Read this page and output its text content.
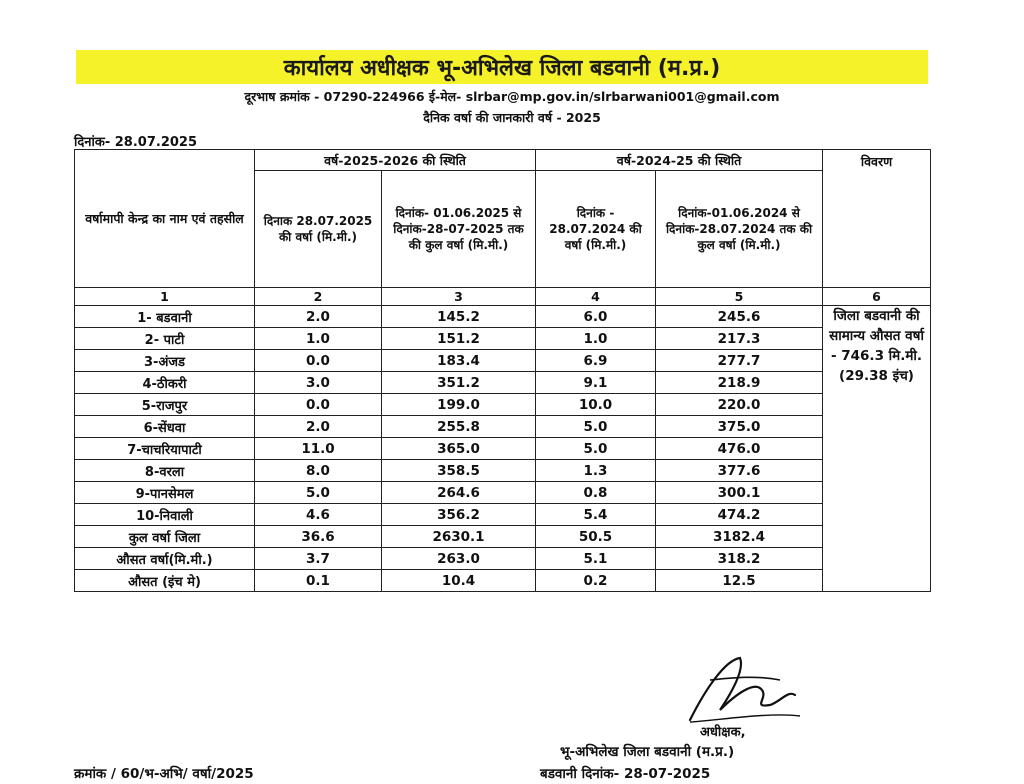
कार्यालय अधीक्षक भू-अभिलेख जिला बडवानी (म.प्र.)
दूरभाष क्रमांक - 07290-224966 ई-मेल- slrbar@mp.gov.in/slrbarwani001@gmail.com
दैनिक वर्षा की जानकारी वर्ष - 2025
दिनांक- 28.07.2025
वर्षामापी केन्द्र का नाम एवं तहसील	वर्ष-2025-2026 की स्थिति		वर्ष-2024-25 की स्थिति		विवरण
	दिनाक 28.07.2025 की वर्षा (मि.मी.)	दिनांक- 01.06.2025 से दिनांक-28-07-2025 तक की कुल वर्षा (मि.मी.)	दिनांक - 28.07.2024 की वर्षा (मि.मी.)	दिनांक-01.06.2024 से दिनांक-28.07.2024 तक की कुल वर्षा (मि.मी.)	
1	2	3	4	5	6
1- बडवानी	2.0	145.2	6.0	245.6	जिला बडवानी की सामान्य औसत वर्षा - 746.3 मि.मी. (29.38 इंच)
2- पाटी	1.0	151.2	1.0	217.3	
3-अंजड	0.0	183.4	6.9	277.7	
4-ठीकरी	3.0	351.2	9.1	218.9	
5-राजपुर	0.0	199.0	10.0	220.0	
6-सेंधवा	2.0	255.8	5.0	375.0	
7-चाचरियापाटी	11.0	365.0	5.0	476.0	
8-वरला	8.0	358.5	1.3	377.6	
9-पानसेमल	5.0	264.6	0.8	300.1	
10-निवाली	4.6	356.2	5.4	474.2	
कुल वर्षा जिला	36.6	2630.1	50.5	3182.4	
औसत वर्षा(मि.मी.)	3.7	263.0	5.1	318.2	
औसत (इंच मे)	0.1	10.4	0.2	12.5	
अधीक्षक,
भू-अभिलेख जिला बडवानी (म.प्र.)
बडवानी दिनांक- 28-07-2025
क्रमांक / 60/भ-अभि/ वर्षा/2025
